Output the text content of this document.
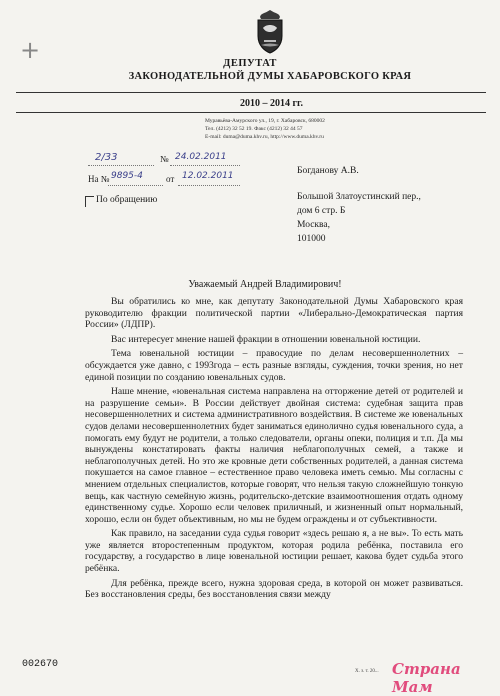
+	ДЕПУТАТ
ЗАКОНОДАТЕЛЬНОЙ ДУМЫ ХАБАРОВСКОГО КРАЯ
2010 – 2014 гг.
Муравьёва-Амурского ул., 19, г. Хабаровск, 680002
Тел. (4212) 32 52 19. Факс (4212) 32 44 57
E-mail: duma@duma.khv.ru, http://www.duma.khv.ru
2/33	№ 24.02.2011
На № 9895-4	от 12.02.2011
По обращению
Богданову А.В.
Большой Златоустинский пер.,
дом 6 стр. Б
Москва,
101000
Уважаемый Андрей Владимирович!

Вы обратились ко мне, как депутату Законодательной Думы Хабаровского края руководителю фракции политической партии «Либерально-Демократическая партия России» (ЛДПР).

Вас интересует мнение нашей фракции в отношении ювенальной юстиции.

Тема ювенальной юстиции – правосудие по делам несовершеннолетних – обсуждается уже давно, с 1993года – есть разные взгляды, суждения, точки зрения, но нет единой позиции по созданию ювенальных судов.

Наше мнение, «ювенальная система направлена на отторжение детей от родителей и на разрушение семьи». В России действует двойная система: судебная защита прав несовершеннолетних и система административного воздействия. В системе же ювенальных судов делами несовершеннолетних будет заниматься единолично судья ювенального суда, а помогать ему будут не родители, а только следователи, органы опеки, полиция и т.п. Да мы вынуждены констатировать факты наличия неблагополучных семей, а также и неблагополучных детей. Но это же кровные дети собственных родителей, а данная система покушается на самое главное – естественное право человека иметь семью. Мы согласны с мнением отдельных специалистов, которые говорят, что нельзя такую сложнейшую тонкую вещь, как частную семейную жизнь, родительско-детские взаимоотношения отдать одному единственному судье. Хорошо если человек приличный, и жизненный опыт нормальный, хорошо, если он будет объективным, но мы не будем ограждены и от субъективности.

Как правило, на заседании суда судья говорит «здесь решаю я, а не вы». То есть мать уже является второстепенным продуктом, которая родила ребёнка, поставила его государству, а государство в лице ювенальной юстиции решает, какова будет судьба этого ребёнка.

Для ребёнка, прежде всего, нужна здоровая среда, в которой он может развиваться. Без восстановления среды, без восстановления связи между

002670
Х. з. т. 20... Страна Мам
